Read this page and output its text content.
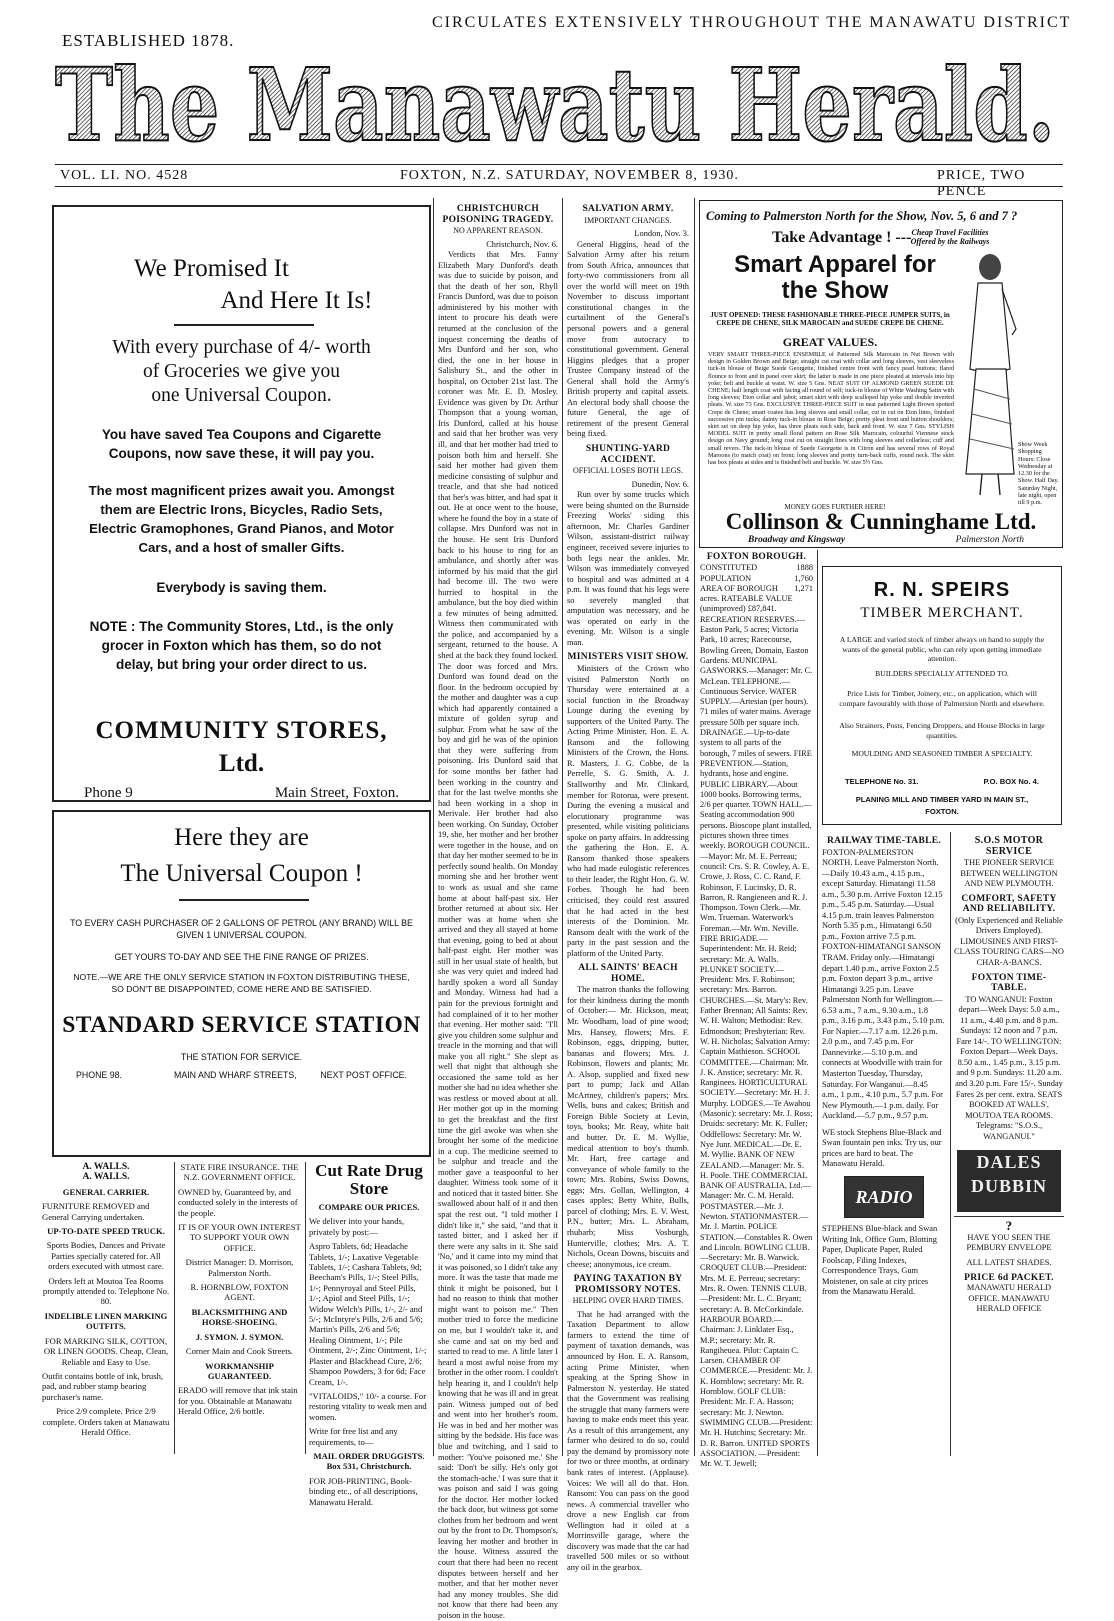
ESTABLISHED 1878.
CIRCULATES EXTENSIVELY THROUGHOUT THE MANAWATU DISTRICT
The Manawatu Herald.
VOL. LI. NO. 4528	FOXTON, N.Z. SATURDAY, NOVEMBER 8, 1930.	PRICE, TWO PENCE
We Promised It
And Here It Is!
With every purchase of 4/- worth
of Groceries we give you
one Universal Coupon.
You have saved Tea Coupons and Cigarette
Coupons, now save these, it will pay you.
The most magnificent prizes await you. Amongst
them are Electric Irons, Bicycles, Radio Sets,
Electric Gramophones, Grand Pianos, and Motor
Cars, and a host of smaller Gifts.
Everybody is saving them.
NOTE : The Community Stores, Ltd., is the only
grocer in Foxton which has them, so do not
delay, but bring your order direct to us.
COMMUNITY STORES,
Ltd.
Phone 9	Main Street, Foxton.
Here they are
The Universal Coupon !
TO EVERY CASH PURCHASER OF 2 GALLONS OF PETROL (ANY BRAND) WILL BE
GIVEN 1 UNIVERSAL COUPON.
GET YOURS TO-DAY AND SEE THE FINE RANGE OF PRIZES.
NOTE.—WE ARE THE ONLY SERVICE STATION IN FOXTON DISTRIBUTING THESE,
SO DON'T BE DISAPPOINTED, COME HERE AND BE SATISFIED.
STANDARD SERVICE STATION
THE STATION FOR SERVICE.
PHONE 98.	MAIN AND WHARF STREETS,	NEXT POST OFFICE.

A. WALLS.

A. WALLS.

GENERAL CARRIER.

FURNITURE REMOVED and General Carrying undertaken.

UP-TO-DATE SPEED TRUCK.

Sports Bodies, Dances and Private Parties specially catered for. All orders executed with utmost care.

Orders left at Moutoa Tea Rooms promptly attended to. Telephone No. 80.

INDELIBLE LINEN MARKING OUTFITS.

FOR MARKING SILK, COTTON, OR LINEN GOODS. Cheap, Clean, Reliable and Easy to Use.

Outfit contains bottle of ink, brush, pad, and rubber stamp bearing purchaser's name.

Price 2/9 complete. Price 2/9 complete. Orders taken at Manawatu Herald Office.

STATE FIRE INSURANCE. THE N.Z. GOVERNMENT OFFICE.

OWNED by, Guaranteed by, and conducted solely in the interests of the people.

IT IS OF YOUR OWN INTEREST TO SUPPORT YOUR OWN OFFICE.

District Manager: D. Morrison, Palmerston North.

R. HORNBLOW, FOXTON AGENT.

BLACKSMITHING AND HORSE-SHOEING.

J. SYMON. J. SYMON.

Corner Main and Cook Streets.

WORKMANSHIP GUARANTEED.

ERADO will remove that ink stain for you. Obtainable at Manawatu Herald Office, 2/6 bottle.

Cut Rate Drug

Store

COMPARE OUR PRICES.

We deliver into your hands, privately by post:—

Aspro Tablets, 6d; Headache Tablets, 1/-; Laxative Vegetable Tablets, 1/-; Cashara Tablets, 9d; Beecham's Pills, 1/-; Steel Pills, 1/-; Pennyroyal and Steel Pills, 1/-; Apiol and Steel Pills, 1/-; Widow Welch's Pills, 1/-, 2/- and 5/-; McIntyre's Pills, 2/6 and 5/6; Martin's Pills, 2/6 and 5/6; Healing Ointment, 1/-; Pile Ointment, 2/-; Zinc Ointment, 1/-; Plaster and Blackhead Cure, 2/6; Shampoo Powders, 3 for 6d; Face Cream, 1/-.

"VITALOIDS," 10/- a course. For restoring vitality to weak men and women.

Write for free list and any requirements, to—

MAIL ORDER DRUGGISTS. Box 531, Christchurch.

FOR JOB-PRINTING, Book-binding etc., of all descriptions, Manawatu Herald.

CHRISTCHURCH POISONING TRAGEDY.

NO APPARENT REASON.

Christchurch, Nov. 6.

Verdicts that Mrs. Fanny Elizabeth Mary Dunford's death was due to suicide by poison, and that the death of her son, Rhyll Francis Dunford, was due to poison administered by his mother with intent to procure his death were returned at the conclusion of the inquest concerning the deaths of Mrs Dunford and her son, who died, the one in her house in Salisbury St., and the other in hospital, on October 21st last. The coroner was Mr. E. D. Mosley. Evidence was given by Dr. Arthur Thompson that a young woman, Iris Dunford, called at his house and said that her brother was very ill, and that her mother had tried to poison both him and herself. She said her mother had given them medicine consisting of sulphur and treacle, and that she had noticed that her's was bitter, and had spat it out. He at once went to the house, where he found the boy in a state of collapse. Mrs Dunford was not in the house. He sent Iris Dunford back to his house to ring for an ambulance, and shortly after was informed by his maid that the girl had become ill. The two were hurried to hospital in the ambulance, but the boy died within a few minutes of being admitted. Witness then communicated with the police, and accompanied by a sergeant, returned to the house. A shed at the back they found locked. The door was forced and Mrs. Dunford was found dead on the floor. In the bedroom occupied by the mother and daughter was a cup which had apparently contained a mixture of golden syrup and sulphur. From what he saw of the boy and girl he was of the opinion that they were suffering from poisoning. Iris Dunford said that for some months her father had been working in the country and that for the last twelve months she had been working in a shop in Merivale. Her brother had also been working. On Sunday, October 19, she, her mother and her brother were together in the house, and on that day her mother seemed to be in perfectly sound health. On Monday morning she and her brother went to work as usual and she came home at about half-past six. Her brother returned at about six. Her mother was at home when she arrived and they all stayed at home that evening, going to bed at about half-past eight. Her mother was still in her usual state of health, but she was very quiet and indeed had hardly spoken a word all Sunday and Monday. Witness had had a pain for the previous fortnight and had complained of it to her mother that evening. Her mother said: "I'll give you children some sulphur and treacle in the morning and that will make you all right." She slept as well that night that although she occasioned the same told as her mother she had no idea whether she was restless or moved about at all. Her mother got up in the morning to get the breakfast and the first time the girl awoke was when she brought her some of the medicine in a cup. The medicine seemed to be sulphur and treacle and the mother gave a teaspoonful to her daughter. Witness took some of it and noticed that it tasted bitter. She swallowed about half of it and then spat the rest out. "I told mother I didn't like it," she said, "and that it tasted bitter, and I asked her if there were any salts in it. She said 'No,' and it came into my mind that it was poisoned, so I didn't take any more. It was the taste that made me think it might be poisoned, but I had no reason to think that mother might want to poison me." Then mother tried to force the medicine on me, but I wouldn't take it, and she came and sat on my bed and started to read to me. A little later I heard a most awful noise from my brother in the other room. I couldn't help hearing it, and I couldn't help knowing that he was ill and in great pain. Witness jumped out of bed and went into her brother's room. He was in bed and her mother was sitting by the bedside. His face was blue and twitching, and I said to mother: 'You've poisoned me.' She said: 'Don't be silly. He's only got the stomach-ache.' I was sure that it was poison and said I was going for the doctor. Her mother locked the back door, but witness got some clothes from her bedroom and went out by the front to Dr. Thompson's, leaving her mother and brother in the house. Witness assured the court that there had been no recent disputes between herself and her mother, and that her mother never had any money troubles. She did not know that there had been any poison in the house.

SALVATION ARMY.

IMPORTANT CHANGES.

London, Nov. 3.

General Higgins, head of the Salvation Army after his return from South Africa, announces that forty-two commissioners from all over the world will meet on 19th November to discuss important constitutional changes in the curtailment of the General's personal powers and a general move from autocracy to constitutional government. General Higgins pledges that a proper Trustee Company instead of the General shall hold the Army's British property and capital assets. An electoral body shall choose the future General, the age of retirement of the present General being fixed.

SHUNTING-YARD ACCIDENT.

OFFICIAL LOSES BOTH LEGS.

Dunedin, Nov. 6.

Run over by some trucks which were being shunted on the Burnside Freezing Works' siding this afternoon, Mr. Charles Gardiner Wilson, assistant-district railway engineer, received severe injuries to both legs near the ankles. Mr. Wilson was immediately conveyed to hospital and was admitted at 4 p.m. It was found that his legs were so severely mangled that amputation was necessary, and he was operated on early in the evening. Mr. Wilson is a single man.

MINISTERS VISIT SHOW.

Ministers of the Crown who visited Palmerston North on Thursday were entertained at a social function in the Broadway Lounge during the evening by supporters of the United Party. The Acting Prime Minister, Hon. E. A. Ransom and the following Ministers of the Crown, the Hons. R. Masters, J. G. Cobbe, de la Perrelle, S. G. Smith, A. J. Stallworthy and Mr. Clinkard, member for Rotorua, were present. During the evening a musical and elocutionary programme was presented, while visiting politicians spoke on party affairs. In addressing the gathering the Hon. E. A. Ransom thanked those speakers who had made eulogistic references to their leader, the Right Hon. G. W. Forbes. Though he had been criticised, they could rest assured that he had acted in the best interests of the Dominion. Mr. Ransom dealt with the work of the party in the past session and the platform of the United Party.

ALL SAINTS' BEACH HOME.

The matron thanks the following for their kindness during the month of October:— Mr. Hickson, meat; Mr. Woodham, load of pine wood; Mrs. Hansey, flowers; Mrs. F. Robinson, eggs, dripping, butter, bananas and flowers; Mrs. J. Robinson, flowers and plants; Mr. A. Alsop, supplied and fixed new part to pump; Jack and Allan McArtney, children's papers; Mrs. Wells, buns and cakes; British and Foreign Bible Society at Levin, toys, books; Mr. Reay, white bait and butter. Dr. E. M. Wyllie, medical attention to boy's thumb. Mr. Hart, free cartage and conveyance of whole family to the town; Mrs. Robins, Swiss Downs, eggs; Mrs. Gollan, Wellington, 4 cases apples; Betty White, Bulls, parcel of clothing; Mrs. E. V. West, P.N., butter; Mrs. L. Abraham, rhubarb; Miss Vosburgh, Hunterville, clothes; Mrs. A. T. Nichols, Ocean Downs, biscuits and cheese; anonymous, ice cream.

PAYING TAXATION BY PROMISSORY NOTES.

HELPING OVER HARD TIMES.

That he had arranged with the Taxation Department to allow farmers to extend the time of payment of taxation demands, was announced by Hon. E. A. Ransom, acting Prime Minister, when speaking at the Spring Show in Palmerston N. yesterday. He stated that the Government was realising the struggle that many farmers were having to make ends meet this year. As a result of this arrangement, any farmer who desired to do so, could pay the demand by promissory note for two or three months, at ordinary bank rates of interest. (Applause). Voices: We will all do that. Hon. Ransom: You can pass on the good news. A commercial traveller who drove a new English car from Wellington had it oiled at a Morrinsville garage, where the discovery was made that the car had travelled 500 miles or so without any oil in the gearbox.

Coming to Palmerston North for the Show, Nov. 5, 6 and 7 ?
Take Advantage ! --- Cheap Travel Facilities Offered by the Railways
Smart Apparel for
the Show
JUST OPENED: THESE FASHIONABLE THREE-PIECE JUMPER SUITS, in CREPE DE CHENE, SILK MAROCAIN and SUEDE CREPE DE CHENE.
GREAT VALUES.
VERY SMART THREE-PIECE ENSEMBLE of Patterned Silk Marocain in Nut Brown with design in Golden Brown and Beige; straight cut coat with collar and long sleeves, vest sleeveless tuck-in blouse of Beige Suede Georgette, finished centre front with fancy pearl buttons; flared flounce to front and in panel over skirt; the latter is made in one piece pleated at intervals into hip yoke; belt and buckle at waist. W. size 5 Gns. NEAT SUIT OF ALMOND GREEN SUEDE DE CHENE; half length coat with facing all round of self; tuck-in blouse of White Washing Satin with long sleeves; Eton collar and jabot; smart skirt with deep scalloped hip yoke and double inverted pleats. W. size 73 Gns. EXCLUSIVE THREE-PIECE SUIT in neat patterned Light Brown spotted Crepe de Chene; smart coatee has long sleeves and small collar, cut in cut on Eton lines, finished successive pin tucks; dainty tuck-in blouse in Rose Beige; pretty pleat front and button shoulders; skirt set on deep hip yoke, has three pleats each side, back and front. W. size 7 Gns. STYLISH MODEL SUIT in pretty small floral pattern on Rose Silk Marocain, colourful Viennese stock design on Navy ground; long coat cut on straight lines with long sleeves and collarless; cuff and small revers. The tuck-in blouse of Suede Georgette is in Citron and has several rows of Royal Maroons (to match coat) on front; long sleeves and pretty turn-back cuffs, round neck. The skirt has box pleats at sides and is finished belt and buckle. W. size 5½ Gns.
Show Week Shopping Hours: Close Wednesday at 12.30 for the Show. Half Day. Saturday Night, late night, open till 9 p.m.
MONEY GOES FURTHER HERE!
Collinson & Cunninghame Ltd.
Broadway and Kingsway	Palmerston North

FOXTON BOROUGH.

CONSTITUTED	1888
POPULATION	1,760
AREA OF BOROUGH 1,271

acres. RATEABLE VALUE (unimproved) £87,841. RECREATION RESERVES.—Easton Park, 5 acres; Victoria Park, 10 acres; Racecourse, Bowling Green, Domain, Easton Gardens. MUNICIPAL GASWORKS.—Manager: Mr. C. McLean. TELEPHONE.—Continuous Service. WATER SUPPLY.—Artesian (per hours). 71 miles of water mains. Average pressure 50lb per square inch. DRAINAGE.—Up-to-date system to all parts of the borough, 7 miles of sewers. FIRE PREVENTION.—Station, hydrants, hose and engine. PUBLIC LIBRARY.—About 1000 books. Borrowing terms, 2/6 per quarter. TOWN HALL.—Seating accommodation 900 persons. Bioscope plant installed, pictures shown three times weekly. BOROUGH COUNCIL.—Mayor: Mr. M. E. Perreau; council: Crs. S. R. Cowley, A. E. Crowe, J. Ross, C. C. Rand, F. Robinson, F. Lucinsky, D. R. Barron, R. Rangieneen and R. J. Thompson. Town Clerk.—Mr. Wm. Trueman. Waterwork's Foreman.—Mr. Wm. Neville. FIRE BRIGADE.—Superintendent: Mr. H. Reid; secretary: Mr. A. Walls. PLUNKET SOCIETY.—President: Mrs. F. Robinson; secretary: Mrs. Barron. CHURCHES.—St. Mary's: Rev. Father Brennan; All Saints: Rev. W. H. Walton; Methodist: Rev. Edmondson; Presbyterian: Rev. W. H. Nicholas; Salvation Army: Captain Mathieson. SCHOOL COMMITTEE.—Chairman: Mr. J. K. Anstice; secretary: Mr. R. Ranginees. HORTICULTURAL SOCIETY.—Secretary: Mr. H. J. Murphy. LODGES.—Te Awahou (Masonic): secretary: Mr. J. Ross; Druids: secretary: Mr. K. Fuller; Oddfellows: Secretary: Mr. W. Nye Junr. MEDICAL.—Dr. E. M. Wyllie. BANK OF NEW ZEALAND.—Manager: Mr. S. H. Poole. THE COMMERCIAL BANK OF AUSTRALIA, Ltd.—Manager: Mr. C. M. Herald. POSTMASTER.—Mr. J. Newton. STATIONMASTER.—Mr. J. Martin. POLICE STATION.—Constables R. Owen and Lincoln. BOWLING CLUB.—Secretary: Mr. B. Warwick. CROQUET CLUB.—President: Mrs. M. E. Perreau; secretary: Mrs. R. Owen. TENNIS CLUB.—President: Mr. L. C. Bryant; secretary: A. B. McCorkindale. HARBOUR BOARD.—Chairman: J. Linklater Esq., M.P.; secretary: Mr. R. Rangiheuea. Pilot: Captain C. Larsen. CHAMBER OF COMMERCE.—President: Mr. J. K. Hornblow; secretary: Mr. R. Hornblow. GOLF CLUB: President: Mr. F. A. Hasson; secretary: Mr. J. Newton. SWIMMING CLUB.—President: Mr. H. Hutchins; Secretary: Mr. D. R. Barron. UNITED SPORTS ASSOCIATION. —President: Mr. W. T. Jewell;

R. N. SPEIRS
TIMBER MERCHANT.
A LARGE and varied stock of timber always on hand to supply the wants of the general public, who can rely upon getting immediate attention.
BUILDERS SPECIALLY ATTENDED TO.
Price Lists for Timber, Joinery, etc., on application, which will compare favourably with those of Palmerston North and elsewhere.
Also Strainers, Posts, Fencing Droppers, and House Blocks in large quantities.
MOULDING AND SEASONED TIMBER A SPECIALTY.
TELEPHONE No. 31.	P.O. BOX No. 4.
PLANING MILL AND TIMBER YARD IN MAIN ST.,
FOXTON.

RAILWAY TIME-TABLE.

FOXTON-PALMERSTON NORTH. Leave Palmerston North.—Daily 10.43 a.m., 4.15 p.m., except Saturday. Himatangi 11.58 a.m., 5.30 p.m. Arrive Foxton 12.15 p.m., 5.45 p.m. Saturday.—Usual 4.15 p.m. train leaves Palmerston North 5.35 p.m., Himatangi 6.50 p.m., Foxton arrive 7.5 p.m. FOXTON-HIMATANGI SANSON TRAM. Friday only.—Himatangi depart 1.40 p.m., arrive Foxton 2.5 p.m. Foxton depart 3 p.m., arrive Himatangi 3.25 p.m. Leave Palmerston North for Wellington.—6.53 a.m., 7 a.m., 9.30 a.m., 1.8 p.m., 3.16 p.m., 3.43 p.m., 5.10 p.m. For Napier.—7.17 a.m. 12.26 p.m. 2.0 p.m., and 7.45 p.m. For Dannevirke.—5.10 p.m. and connects at Woodville with train for Masterton Tuesday, Thursday, Saturday. For Wanganui.—8.45 a.m., 1 p.m., 4.10 p.m., 5.7 p.m. For New Plymouth.—1 p.m. daily. For Auckland.—5.7 p.m., 9.57 p.m.

WE stock Stephens Blue-Black and Swan fountain pen inks. Try us, our prices are hard to beat. The Manawatu Herald.

RADIO

STEPHENS Blue-black and Swan Writing Ink, Office Gum, Blotting Paper, Duplicate Paper, Ruled Foolscap, Filing Indexes, Correspondence Trays, Gum Moistener, on sale at city prices from the Manawatu Herald.

S.O.S MOTOR SERVICE

THE PIONEER SERVICE BETWEEN WELLINGTON AND NEW PLYMOUTH.

COMFORT, SAFETY AND RELIABILITY.

(Only Experienced and Reliable Drivers Employed). LIMOUSINES AND FIRST-CLASS TOURING CARS—NO CHAR-A-BANCS.

FOXTON TIME-TABLE.

TO WANGANUI: Foxton depart—Week Days: 5.0 a.m., 11 a.m., 4.40 p.m. and 8 p.m. Sundays: 12 noon and 7 p.m. Fare 14/-. TO WELLINGTON: Foxton Depart—Week Days. 8.50 a.m., 1.45 p.m., 3.15 p.m. and 9 p.m. Sundays: 11.20 a.m. and 3.20 p.m. Fare 15/-. Sunday Fares 2s per cent. extra. SEATS BOOKED AT WALLS', MOUTOA TEA ROOMS. Telegrams: "S.O.S., WANGANUI."

DALES
DUBBIN

?

HAVE YOU SEEN THE PEMBURY ENVELOPE

ALL LATEST SHADES.

PRICE 6d PACKET.

MANAWATU HERALD OFFICE. MANAWATU HERALD OFFICE
